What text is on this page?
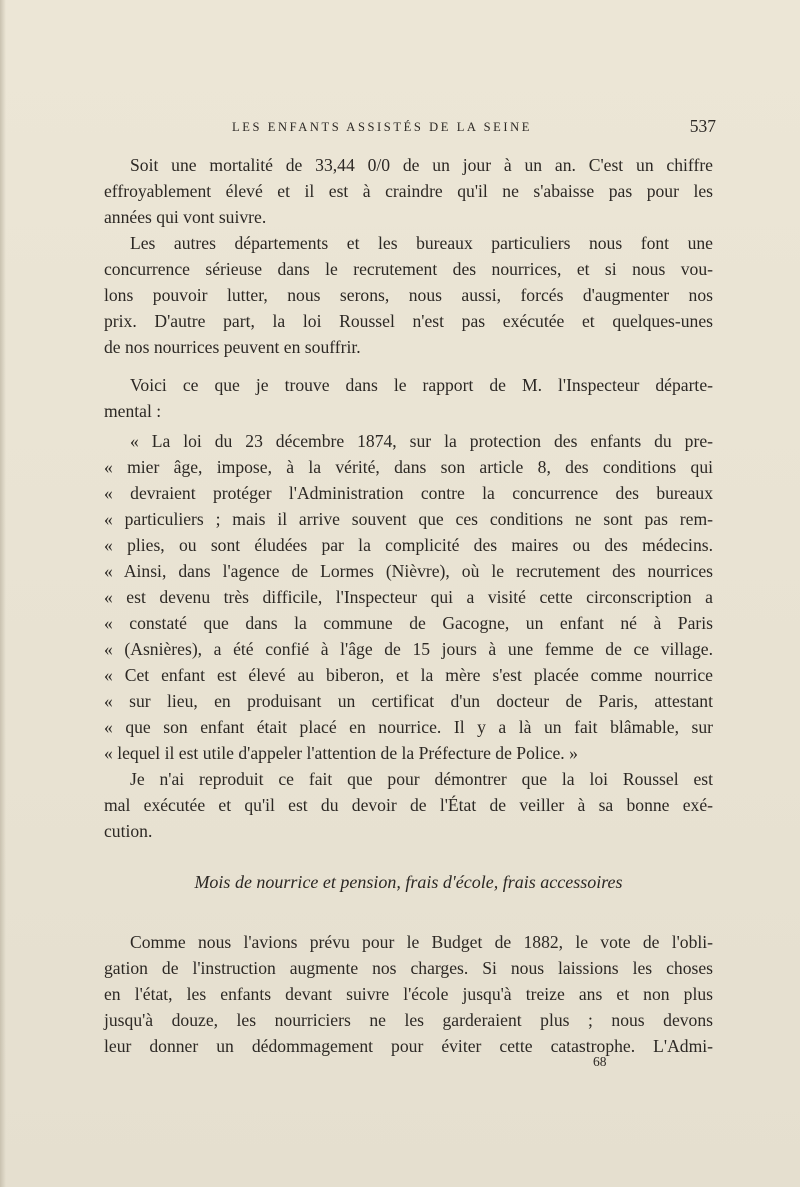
LES ENFANTS ASSISTÉS DE LA SEINE	537
Soit une mortalité de 33,44 0/0 de un jour à un an. C'est un chiffre
effroyablement élevé et il est à craindre qu'il ne s'abaisse pas pour les
années qui vont suivre.
Les autres départements et les bureaux particuliers nous font une
concurrence sérieuse dans le recrutement des nourrices, et si nous vou-
lons pouvoir lutter, nous serons, nous aussi, forcés d'augmenter nos
prix. D'autre part, la loi Roussel n'est pas exécutée et quelques-unes
de nos nourrices peuvent en souffrir.
Voici ce que je trouve dans le rapport de M. l'Inspecteur départe-
mental :
« La loi du 23 décembre 1874, sur la protection des enfants du pre-
« mier âge, impose, à la vérité, dans son article 8, des conditions qui
« devraient protéger l'Administration contre la concurrence des bureaux
« particuliers ; mais il arrive souvent que ces conditions ne sont pas rem-
« plies, ou sont éludées par la complicité des maires ou des médecins.
« Ainsi, dans l'agence de Lormes (Nièvre), où le recrutement des nourrices
« est devenu très difficile, l'Inspecteur qui a visité cette circonscription a
« constaté que dans la commune de Gacogne, un enfant né à Paris
« (Asnières), a été confié à l'âge de 15 jours à une femme de ce village.
« Cet enfant est élevé au biberon, et la mère s'est placée comme nourrice
« sur lieu, en produisant un certificat d'un docteur de Paris, attestant
« que son enfant était placé en nourrice. Il y a là un fait blâmable, sur
« lequel il est utile d'appeler l'attention de la Préfecture de Police. »
Je n'ai reproduit ce fait que pour démontrer que la loi Roussel est
mal exécutée et qu'il est du devoir de l'État de veiller à sa bonne exé-
cution.
Mois de nourrice et pension, frais d'école, frais accessoires
Comme nous l'avions prévu pour le Budget de 1882, le vote de l'obli-
gation de l'instruction augmente nos charges. Si nous laissions les choses
en l'état, les enfants devant suivre l'école jusqu'à treize ans et non plus
jusqu'à douze, les nourriciers ne les garderaient plus ; nous devons
leur donner un dédommagement pour éviter cette catastrophe. L'Admi-
68
